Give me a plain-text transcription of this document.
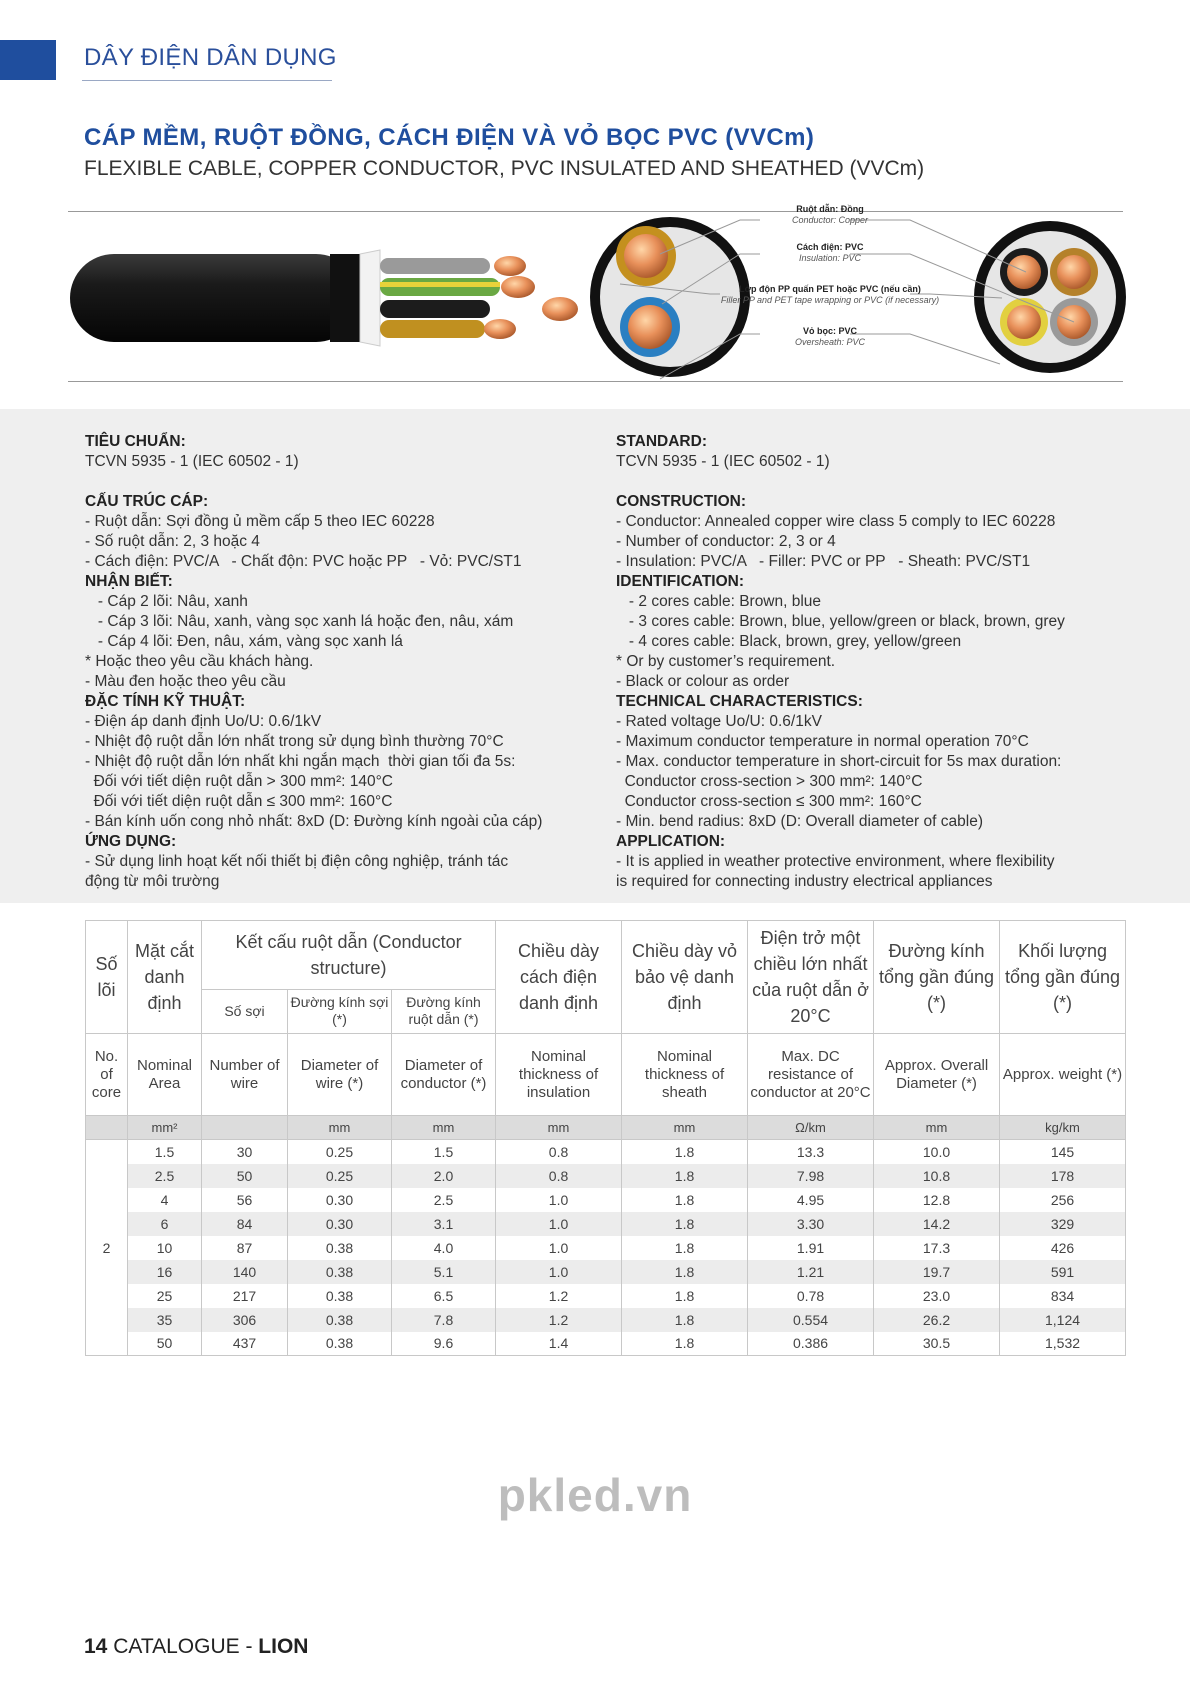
DÂY ĐIỆN DÂN DỤNG
CÁP MỀM, RUỘT ĐỒNG, CÁCH ĐIỆN VÀ VỎ BỌC PVC (VVCm)
FLEXIBLE CABLE, COPPER CONDUCTOR, PVC INSULATED AND SHEATHED (VVCm)
Ruột dẫn: Đồng
Conductor: Copper
Cách điện: PVC
Insulation: PVC
Lớp độn PP quấn PET hoặc PVC (nếu cần)
Filler PP and PET tape wrapping or PVC (if necessary)
Vỏ bọc: PVC
Oversheath: PVC
TIÊU CHUẨN:
TCVN 5935 - 1 (IEC 60502 - 1)
CẤU TRÚC CÁP:
- Ruột dẫn: Sợi đồng ủ mềm cấp 5 theo IEC 60228
- Số ruột dẫn: 2, 3 hoặc 4
- Cách điện: PVC/A   - Chất độn: PVC hoặc PP   - Vỏ: PVC/ST1
NHẬN BIẾT:
- Cáp 2 lõi: Nâu, xanh
- Cáp 3 lõi: Nâu, xanh, vàng sọc xanh lá hoặc đen, nâu, xám
- Cáp 4 lõi: Đen, nâu, xám, vàng sọc xanh lá
* Hoặc theo yêu cầu khách hàng.
- Màu đen hoặc theo yêu cầu
ĐẶC TÍNH KỸ THUẬT:
- Điện áp danh định Uo/U: 0.6/1kV
- Nhiệt độ ruột dẫn lớn nhất trong sử dụng bình thường 70°C
- Nhiệt độ ruột dẫn lớn nhất khi ngắn mạch  thời gian tối đa 5s:
Đối với tiết diện ruột dẫn > 300 mm²: 140°C
Đối với tiết diện ruột dẫn ≤ 300 mm²: 160°C
- Bán kính uốn cong nhỏ nhất: 8xD (D: Đường kính ngoài của cáp)
ỨNG DỤNG:
- Sử dụng linh hoạt kết nối thiết bị điện công nghiệp, tránh tác
động từ môi trường
STANDARD:
TCVN 5935 - 1 (IEC 60502 - 1)
CONSTRUCTION:
- Conductor: Annealed copper wire class 5 comply to IEC 60228
- Number of conductor: 2, 3 or 4
- Insulation: PVC/A   - Filler: PVC or PP   - Sheath: PVC/ST1
IDENTIFICATION:
- 2 cores cable: Brown, blue
- 3 cores cable: Brown, blue, yellow/green or black, brown, grey
- 4 cores cable: Black, brown, grey, yellow/green
* Or by customer’s requirement.
- Black or colour as order
TECHNICAL CHARACTERISTICS:
- Rated voltage Uo/U: 0.6/1kV
- Maximum conductor temperature in normal operation 70°C
- Max. conductor temperature in short-circuit for 5s max duration:
Conductor cross-section > 300 mm²: 140°C
Conductor cross-section ≤ 300 mm²: 160°C
- Min. bend radius: 8xD (D: Overall diameter of cable)
APPLICATION:
- It is applied in weather protective environment, where flexibility
is required for connecting industry electrical appliances
Số lõi	Mặt cắt danh định	Kết cấu ruột dẫn (Conductor structure)			Chiều dày cách điện danh định	Chiều dày vỏ bảo vệ danh định	Điện trở một chiều lớn nhất của ruột dẫn ở 20°C	Đường kính tổng gần đúng (*)	Khối lượng tổng gần đúng (*)
		Số sợi	Đường kính sợi (*)	Đường kính ruột dẫn (*)					
No. of core	Nominal Area	Number of wire	Diameter of wire (*)	Diameter of conductor (*)	Nominal thickness of insulation	Nominal thickness of sheath	Max. DC resistance of conductor at 20°C	Approx. Overall Diameter (*)	Approx. weight (*)
	mm²		mm	mm	mm	mm	Ω/km	mm	kg/km
2	1.5	30	0.25	1.5	0.8	1.8	13.3	10.0	145
	2.5	50	0.25	2.0	0.8	1.8	7.98	10.8	178
	4	56	0.30	2.5	1.0	1.8	4.95	12.8	256
	6	84	0.30	3.1	1.0	1.8	3.30	14.2	329
	10	87	0.38	4.0	1.0	1.8	1.91	17.3	426
	16	140	0.38	5.1	1.0	1.8	1.21	19.7	591
	25	217	0.38	6.5	1.2	1.8	0.78	23.0	834
	35	306	0.38	7.8	1.2	1.8	0.554	26.2	1,124
	50	437	0.38	9.6	1.4	1.8	0.386	30.5	1,532
pkled.vn
14 CATALOGUE - LION
